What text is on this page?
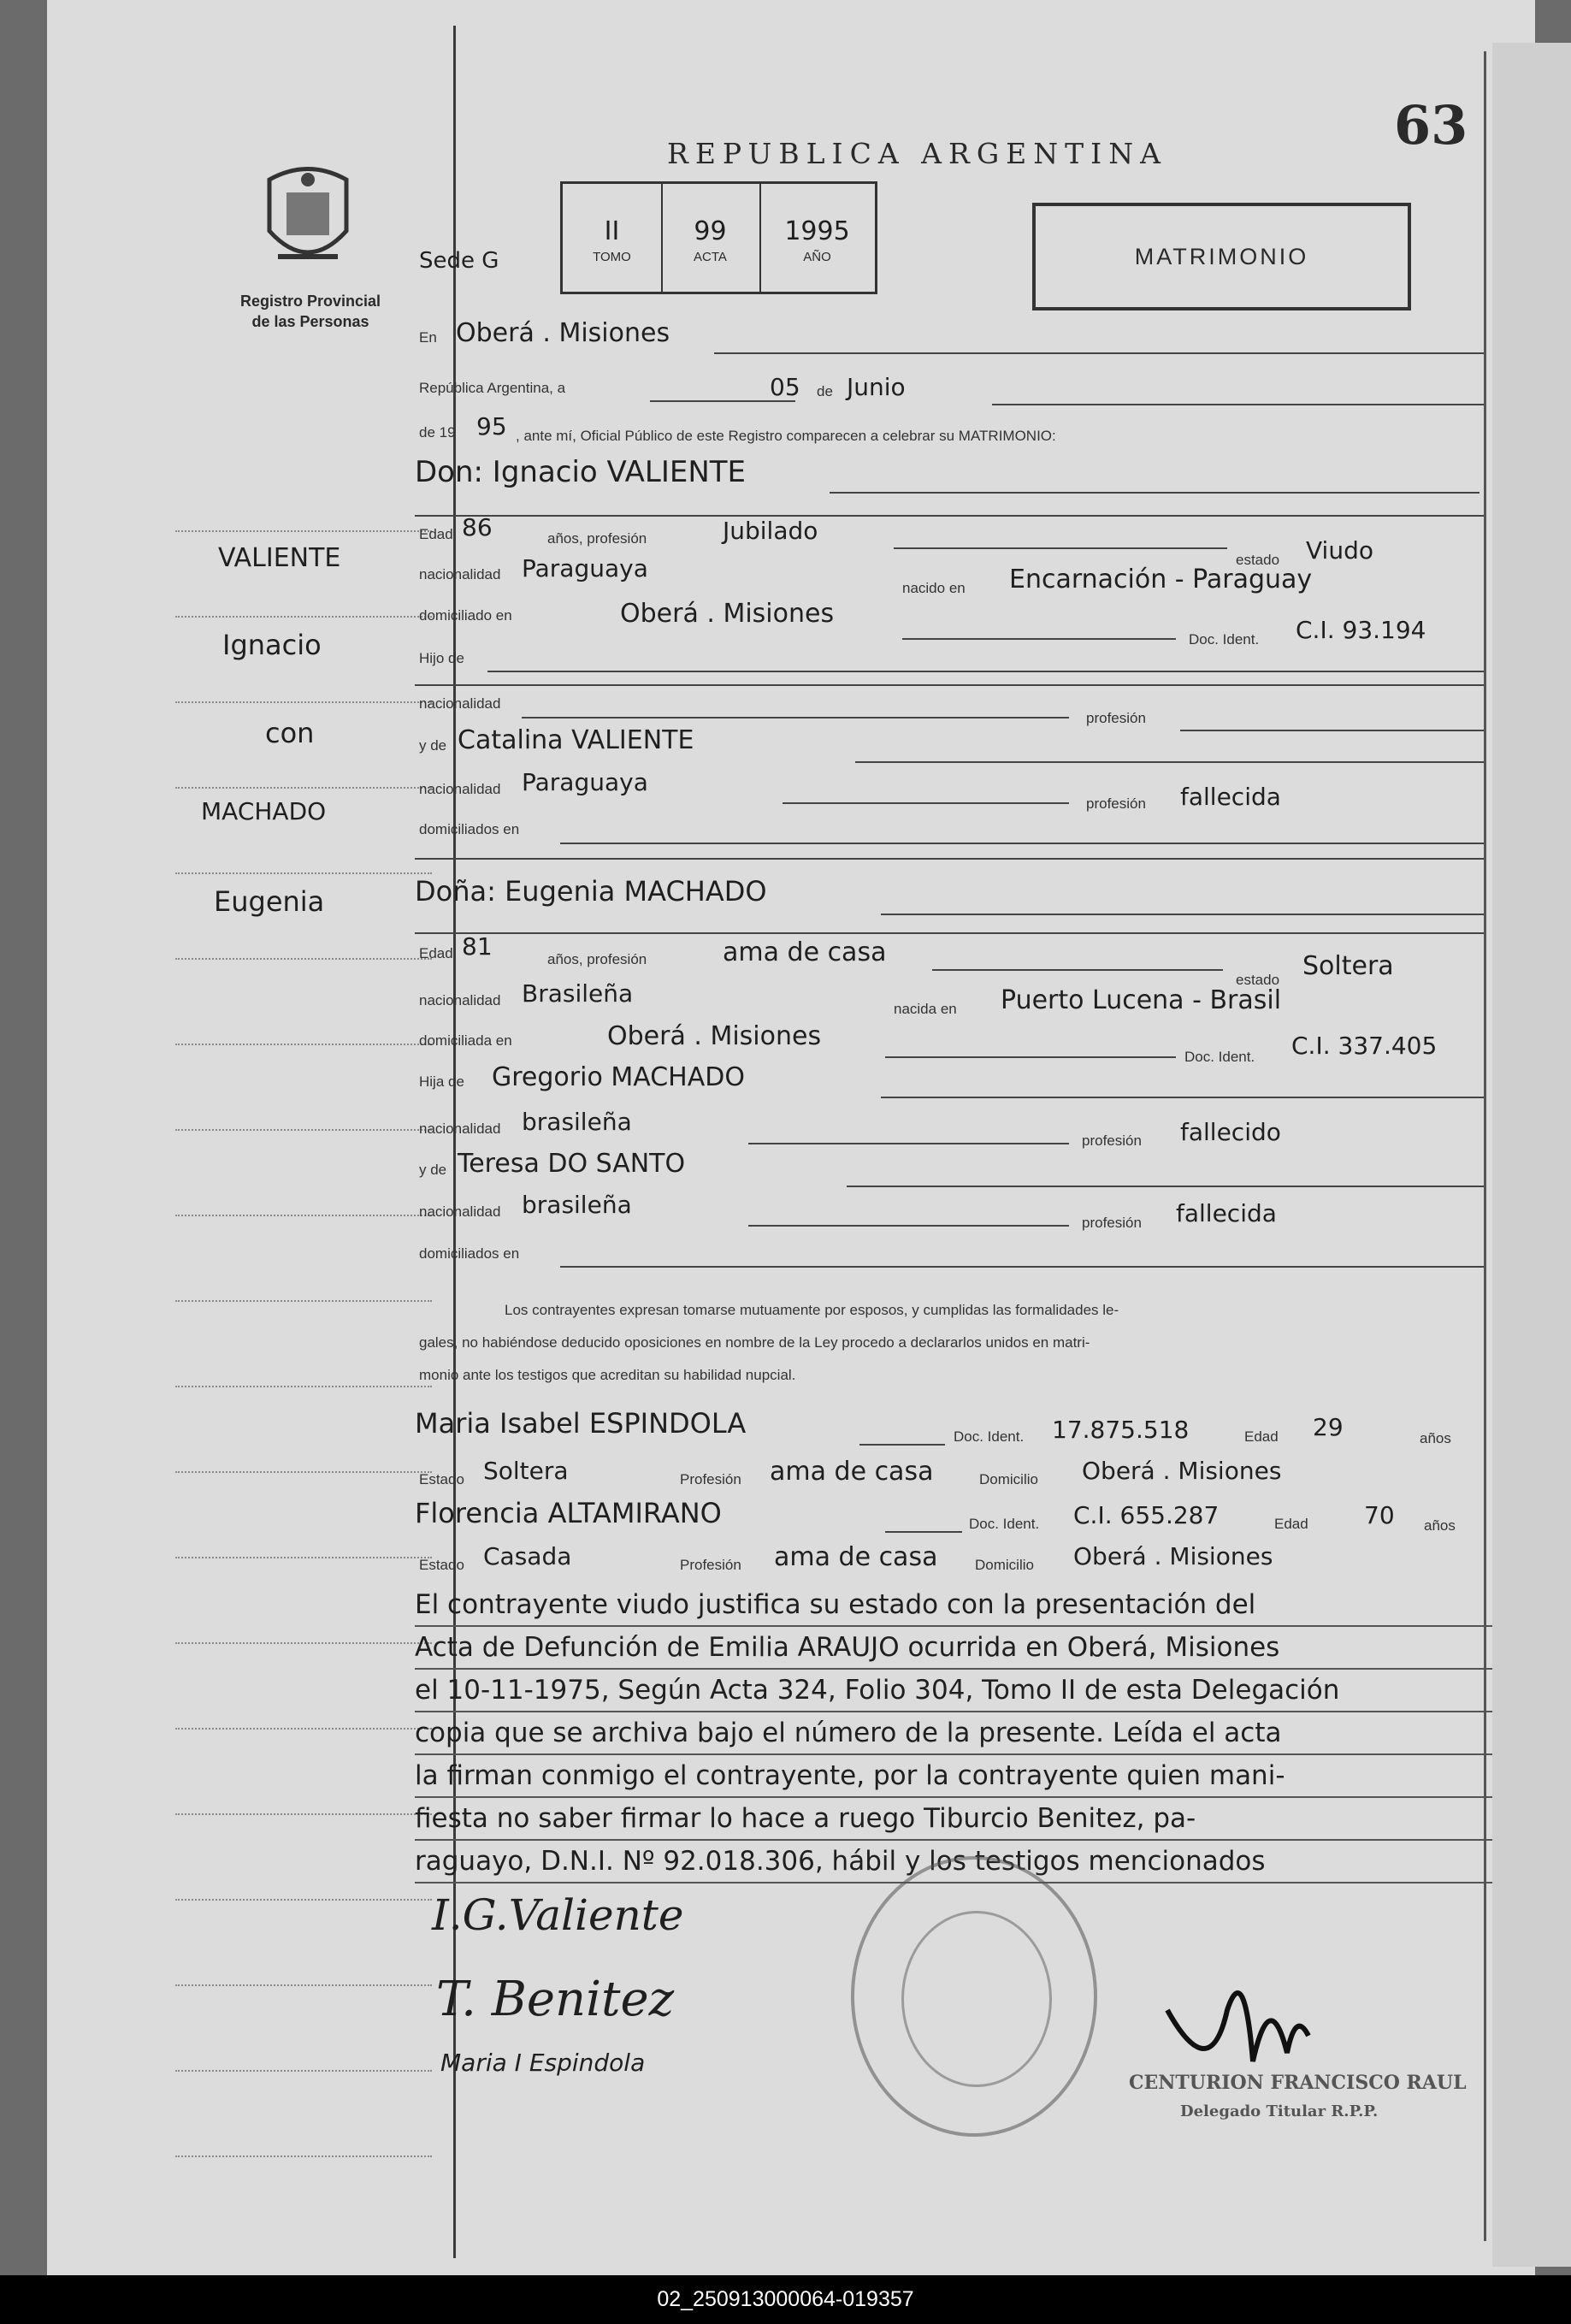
63
REPUBLICA ARGENTINA
Registro Provincial
de las Personas
Sede G
II
TOMO
99
ACTA
1995
AÑO	MATRIMONIO
En Oberá . Misiones
República Argentina, a	05 de Junio
de 19 95 , ante mí, Oficial Público de este Registro comparecen a celebrar su MATRIMONIO:
Don: Ignacio VALIENTE
Edad 86	años, profesión	Jubilado
estado Viudo
nacionalidad Paraguaya
nacido en Encarnación - Paraguay
domiciliado en	Oberá . Misiones
Doc. Ident. C.I. 93.194
Hijo de
nacionalidad
profesión
y de Catalina VALIENTE
nacionalidad Paraguaya
profesión fallecida
domiciliados en
Doña: Eugenia MACHADO
Edad 81	años, profesión	ama de casa
estado Soltera
nacionalidad Brasileña
nacida en Puerto Lucena - Brasil
domiciliada en	Oberá . Misiones
Doc. Ident. C.I. 337.405
Hija de Gregorio MACHADO
nacionalidad brasileña
profesión fallecido
y de Teresa DO SANTO
nacionalidad brasileña
profesión fallecida
domiciliados en
Los contrayentes expresan tomarse mutuamente por esposos, y cumplidas las formalidades le-
gales, no habiéndose deducido oposiciones en nombre de la Ley procedo a declararlos unidos en matri-
monio ante los testigos que acreditan su habilidad nupcial.
Maria Isabel ESPINDOLA	Doc. Ident. 17.875.518	Edad 29	años
Estado Soltera	Profesión ama de casa	Domicilio Oberá . Misiones
Florencia ALTAMIRANO	Doc. Ident. C.I. 655.287	Edad 70 años
Estado Casada	Profesión ama de casa	Domicilio Oberá . Misiones
El contrayente viudo justifica su estado con la presentación del
Acta de Defunción de Emilia ARAUJO ocurrida en Oberá, Misiones
el 10-11-1975, Según Acta 324, Folio 304, Tomo II de esta Delegación
copia que se archiva bajo el número de la presente. Leída el acta
la firman conmigo el contrayente, por la contrayente quien mani-
fiesta no saber firmar lo hace a ruego Tiburcio Benitez, pa-
raguayo, D.N.I. Nº 92.018.306, hábil y los testigos mencionados
I.G.Valiente
T. Benitez
Maria I Espindola
CENTURION FRANCISCO RAUL
Delegado Titular R.P.P.
VALIENTE
Ignacio
con
MACHADO
Eugenia
02_250913000064-019357
